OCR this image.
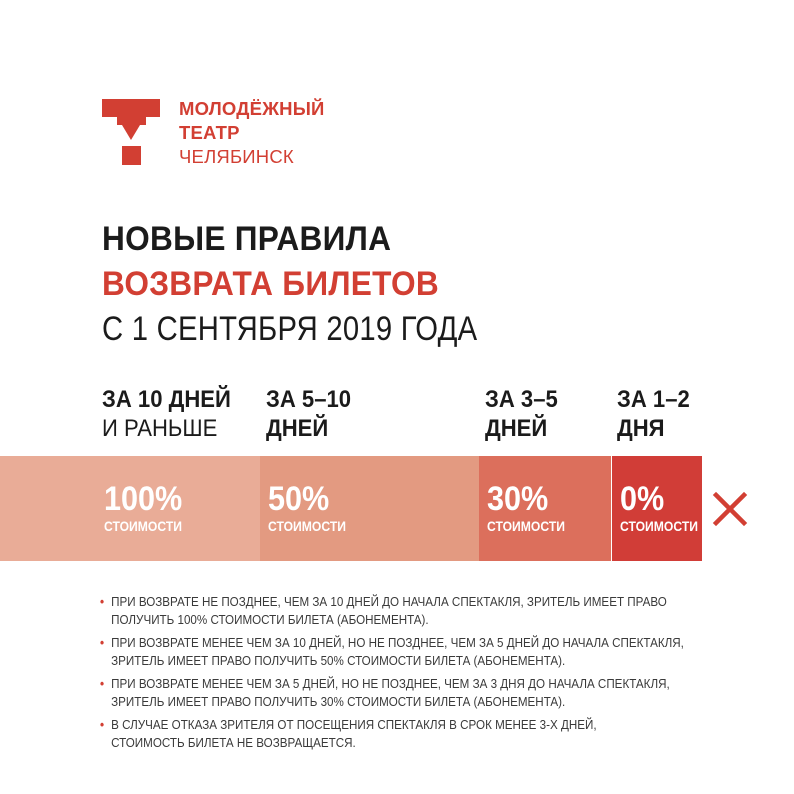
МОЛОДЁЖНЫЙ
ТЕАТР
ЧЕЛЯБИНСК
НОВЫЕ ПРАВИЛА
ВОЗВРАТА БИЛЕТОВ
С 1 СЕНТЯБРЯ 2019 ГОДА
ЗА 10 ДНЕЙ
И РАНЬШЕ
ЗА 5–10
ДНЕЙ
ЗА 3–5
ДНЕЙ
ЗА 1–2
ДНЯ
100%
СТОИМОСТИ
50%
СТОИМОСТИ
30%
СТОИМОСТИ
0%
СТОИМОСТИ
• ПРИ ВОЗВРАТЕ НЕ ПОЗДНЕЕ, ЧЕМ ЗА 10 ДНЕЙ ДО НАЧАЛА СПЕКТАКЛЯ, ЗРИТЕЛЬ ИМЕЕТ ПРАВО
ПОЛУЧИТЬ 100% СТОИМОСТИ БИЛЕТА (АБОНЕМЕНТА).
• ПРИ ВОЗВРАТЕ МЕНЕЕ ЧЕМ ЗА 10 ДНЕЙ, НО НЕ ПОЗДНЕЕ, ЧЕМ ЗА 5 ДНЕЙ ДО НАЧАЛА СПЕКТАКЛЯ,
ЗРИТЕЛЬ ИМЕЕТ ПРАВО ПОЛУЧИТЬ 50% СТОИМОСТИ БИЛЕТА (АБОНЕМЕНТА).
• ПРИ ВОЗВРАТЕ МЕНЕЕ ЧЕМ ЗА 5 ДНЕЙ, НО НЕ ПОЗДНЕЕ, ЧЕМ ЗА 3 ДНЯ ДО НАЧАЛА СПЕКТАКЛЯ,
ЗРИТЕЛЬ ИМЕЕТ ПРАВО ПОЛУЧИТЬ 30% СТОИМОСТИ БИЛЕТА (АБОНЕМЕНТА).
• В СЛУЧАЕ ОТКАЗА ЗРИТЕЛЯ ОТ ПОСЕЩЕНИЯ СПЕКТАКЛЯ В СРОК МЕНЕЕ 3-Х ДНЕЙ,
СТОИМОСТЬ БИЛЕТА НЕ ВОЗВРАЩАЕТСЯ.
